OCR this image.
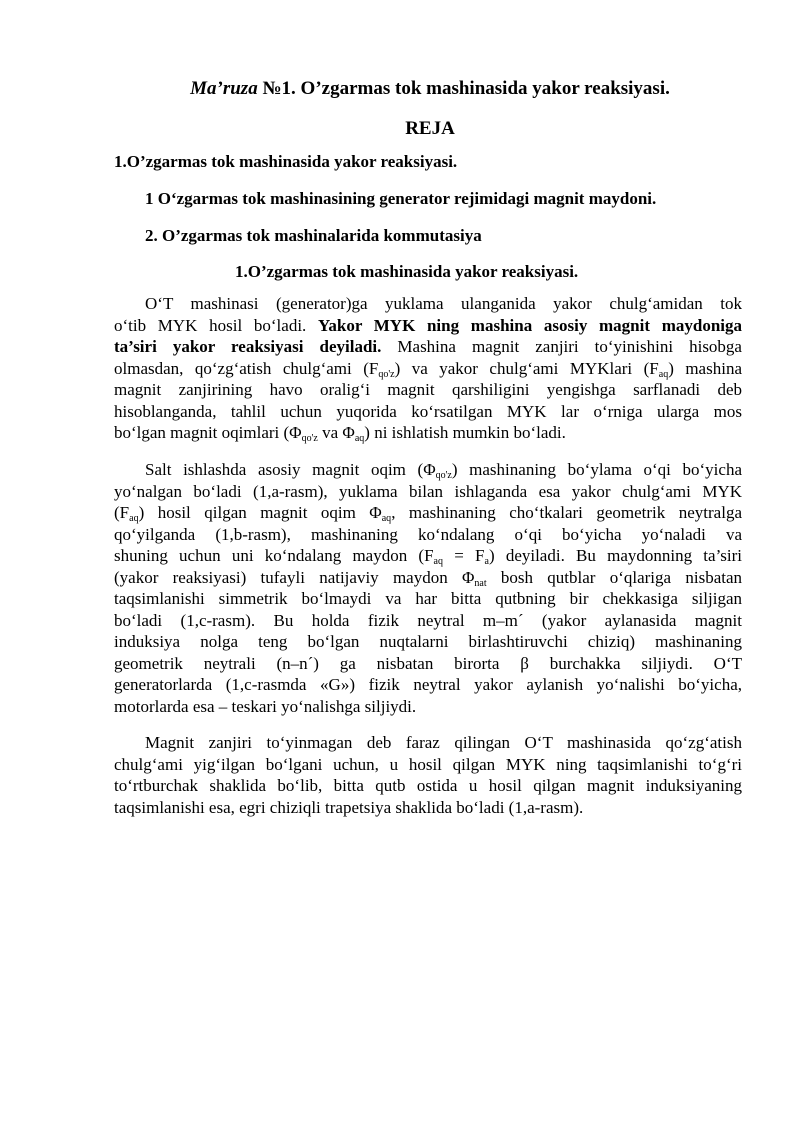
Ma’ruza №1. O’zgarmas tok mashinasida yakor reaksiyasi.
REJA
1.O’zgarmas tok mashinasida yakor reaksiyasi.
1 O‘zgarmas tok mashinasining generator rejimidagi magnit maydoni.
2. O’zgarmas tok mashinalarida kommutasiya
1.O’zgarmas tok mashinasida yakor reaksiyasi.
O‘T mashinasi (generator)ga yuklama ulanganida yakor chulg‘amidan tok
o‘tib MYK hosil bo‘ladi. Yakor MYK ning mashina asosiy magnit maydoniga
ta’siri yakor reaksiyasi deyiladi. Mashina magnit zanjiri to‘yinishini hisobga
olmasdan, qo‘zg‘atish chulg‘ami $(F_{qo'z})$ va yakor chulg‘ami MYKlari $(F_{aq})$ mashina
magnit zanjirining havo oralig‘i magnit qarshiligini yengishga sarflanadi deb
hisoblanganda, tahlil uchun yuqorida ko‘rsatilgan MYK lar o‘rniga ularga mos
bo‘lgan magnit oqimlari ($\Phi_{qo'z}$ va $\Phi_{aq}$) ni ishlatish mumkin bo‘ladi.
Salt ishlashda asosiy magnit oqim $(\Phi_{qo'z})$ mashinaning bo‘ylama o‘qi bo‘yicha
yo‘nalgan bo‘ladi (1,a-rasm), yuklama bilan ishlaganda esa yakor chulg‘ami MYK
$(F_{aq})$ hosil qilgan magnit oqim $\Phi_{aq}$, mashinaning cho‘tkalari geometrik neytralga
qo‘yilganda (1,b-rasm), mashinaning ko‘ndalang o‘qi bo‘yicha yo‘naladi va
shuning uchun uni ko‘ndalang maydon $(F_{aq} = F_a)$ deyiladi. Bu maydonning ta’siri
(yakor reaksiyasi) tufayli natijaviy maydon $\Phi_{nat}$ bosh qutblar o‘qlariga nisbatan
taqsimlanishi simmetrik bo‘lmaydi va har bitta qutbning bir chekkasiga siljigan
bo‘ladi (1,c-rasm). Bu holda fizik neytral m–m´ (yakor aylanasida magnit
induksiya nolga teng bo‘lgan nuqtalarni birlashtiruvchi chiziq) mashinaning
geometrik neytrali (n–n´) ga nisbatan birorta β burchakka siljiydi. O‘T
generatorlarda (1,c-rasmda «G») fizik neytral yakor aylanish yo‘nalishi bo‘yicha,
motorlarda esa – teskari yo‘nalishga siljiydi.
Magnit zanjiri to‘yinmagan deb faraz qilingan O‘T mashinasida qo‘zg‘atish
chulg‘ami yig‘ilgan bo‘lgani uchun, u hosil qilgan MYK ning taqsimlanishi to‘g‘ri
to‘rtburchak shaklida bo‘lib, bitta qutb ostida u hosil qilgan magnit induksiyaning
taqsimlanishi esa, egri chiziqli trapetsiya shaklida bo‘ladi (1,a-rasm).
